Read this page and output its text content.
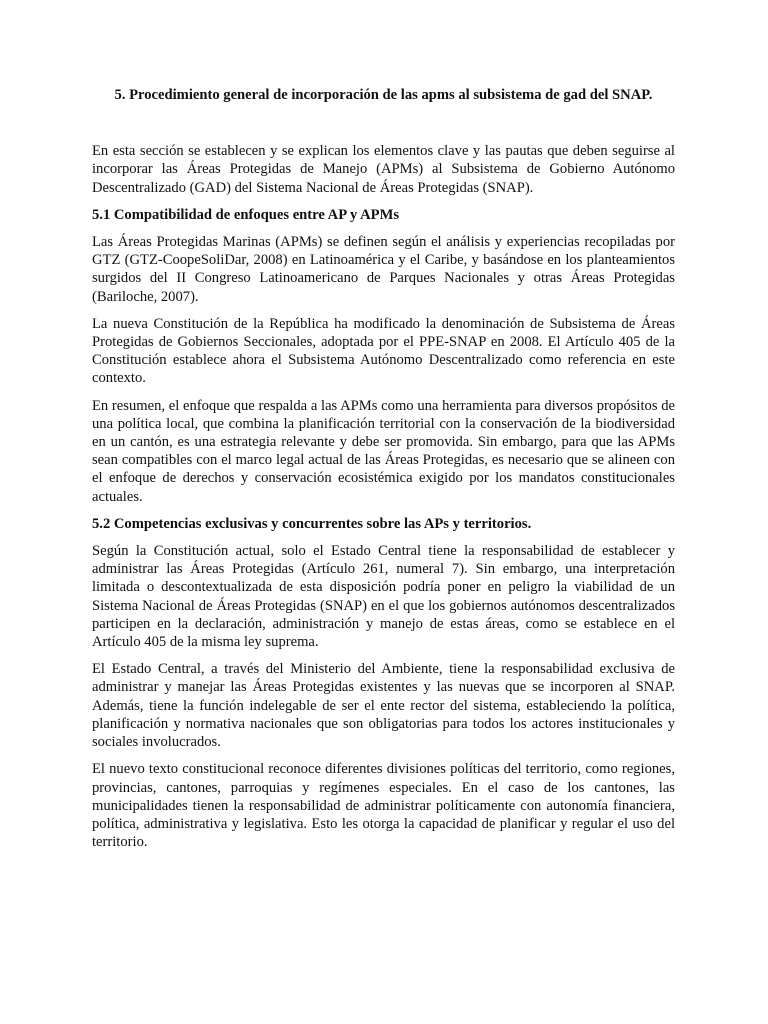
5. Procedimiento general de incorporación de las apms al subsistema de gad del SNAP.

En esta sección se establecen y se explican los elementos clave y las pautas que deben seguirse al incorporar las Áreas Protegidas de Manejo (APMs) al Subsistema de Gobierno Autónomo Descentralizado (GAD) del Sistema Nacional de Áreas Protegidas (SNAP).

5.1 Compatibilidad de enfoques entre AP y APMs

Las Áreas Protegidas Marinas (APMs) se definen según el análisis y experiencias recopiladas por GTZ (GTZ-CoopeSoliDar, 2008) en Latinoamérica y el Caribe, y basándose en los planteamientos surgidos del II Congreso Latinoamericano de Parques Nacionales y otras Áreas Protegidas (Bariloche, 2007).

La nueva Constitución de la República ha modificado la denominación de Subsistema de Áreas Protegidas de Gobiernos Seccionales, adoptada por el PPE-SNAP en 2008. El Artículo 405 de la Constitución establece ahora el Subsistema Autónomo Descentralizado como referencia en este contexto.

En resumen, el enfoque que respalda a las APMs como una herramienta para diversos propósitos de una política local, que combina la planificación territorial con la conservación de la biodiversidad en un cantón, es una estrategia relevante y debe ser promovida. Sin embargo, para que las APMs sean compatibles con el marco legal actual de las Áreas Protegidas, es necesario que se alineen con el enfoque de derechos y conservación ecosistémica exigido por los mandatos constitucionales actuales.

5.2 Competencias exclusivas y concurrentes sobre las APs y territorios.

Según la Constitución actual, solo el Estado Central tiene la responsabilidad de establecer y administrar las Áreas Protegidas (Artículo 261, numeral 7). Sin embargo, una interpretación limitada o descontextualizada de esta disposición podría poner en peligro la viabilidad de un Sistema Nacional de Áreas Protegidas (SNAP) en el que los gobiernos autónomos descentralizados participen en la declaración, administración y manejo de estas áreas, como se establece en el Artículo 405 de la misma ley suprema.

El Estado Central, a través del Ministerio del Ambiente, tiene la responsabilidad exclusiva de administrar y manejar las Áreas Protegidas existentes y las nuevas que se incorporen al SNAP. Además, tiene la función indelegable de ser el ente rector del sistema, estableciendo la política, planificación y normativa nacionales que son obligatorias para todos los actores institucionales y sociales involucrados.

El nuevo texto constitucional reconoce diferentes divisiones políticas del territorio, como regiones, provincias, cantones, parroquias y regímenes especiales. En el caso de los cantones, las municipalidades tienen la responsabilidad de administrar políticamente con autonomía financiera, política, administrativa y legislativa. Esto les otorga la capacidad de planificar y regular el uso del territorio.
